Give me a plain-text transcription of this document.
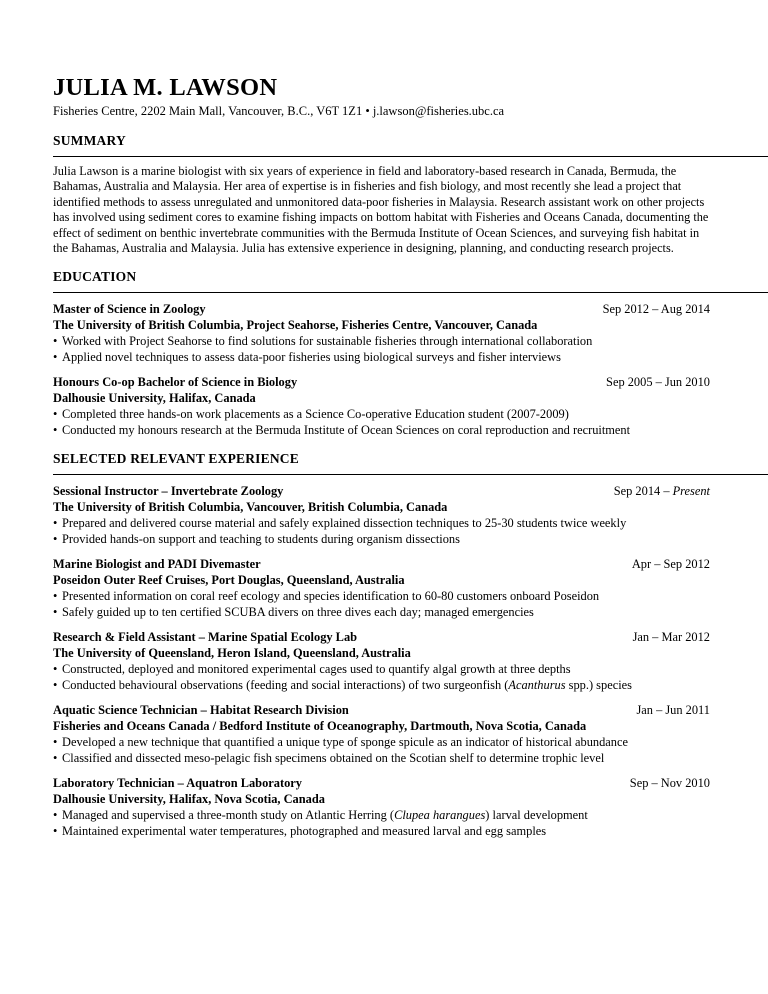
JULIA M. LAWSON
Fisheries Centre, 2202 Main Mall, Vancouver, B.C., V6T 1Z1 • j.lawson@fisheries.ubc.ca
SUMMARY
Julia Lawson is a marine biologist with six years of experience in field and laboratory-based research in Canada, Bermuda, the Bahamas, Australia and Malaysia. Her area of expertise is in fisheries and fish biology, and most recently she lead a project that identified methods to assess unregulated and unmonitored data-poor fisheries in Malaysia. Research assistant work on other projects has involved using sediment cores to examine fishing impacts on bottom habitat with Fisheries and Oceans Canada, documenting the effect of sediment on benthic invertebrate communities with the Bermuda Institute of Ocean Sciences, and surveying fish habitat in the Bahamas, Australia and Malaysia. Julia has extensive experience in designing, planning, and conducting research projects.
EDUCATION
Master of Science in Zoology	Sep 2012 – Aug 2014
The University of British Columbia, Project Seahorse, Fisheries Centre, Vancouver, Canada
• Worked with Project Seahorse to find solutions for sustainable fisheries through international collaboration
• Applied novel techniques to assess data-poor fisheries using biological surveys and fisher interviews
Honours Co-op Bachelor of Science in Biology	Sep 2005 – Jun 2010
Dalhousie University, Halifax, Canada
• Completed three hands-on work placements as a Science Co-operative Education student (2007-2009)
• Conducted my honours research at the Bermuda Institute of Ocean Sciences on coral reproduction and recruitment
SELECTED RELEVANT EXPERIENCE
Sessional Instructor – Invertebrate Zoology	Sep 2014 – Present
The University of British Columbia, Vancouver, British Columbia, Canada
• Prepared and delivered course material and safely explained dissection techniques to 25-30 students twice weekly
• Provided hands-on support and teaching to students during organism dissections
Marine Biologist and PADI Divemaster	Apr – Sep 2012
Poseidon Outer Reef Cruises, Port Douglas, Queensland, Australia
• Presented information on coral reef ecology and species identification to 60-80 customers onboard Poseidon
• Safely guided up to ten certified SCUBA divers on three dives each day; managed emergencies
Research & Field Assistant – Marine Spatial Ecology Lab	Jan – Mar 2012
The University of Queensland, Heron Island, Queensland, Australia
• Constructed, deployed and monitored experimental cages used to quantify algal growth at three depths
• Conducted behavioural observations (feeding and social interactions) of two surgeonfish (Acanthurus spp.) species
Aquatic Science Technician – Habitat Research Division	Jan – Jun 2011
Fisheries and Oceans Canada / Bedford Institute of Oceanography, Dartmouth, Nova Scotia, Canada
• Developed a new technique that quantified a unique type of sponge spicule as an indicator of historical abundance
• Classified and dissected meso-pelagic fish specimens obtained on the Scotian shelf to determine trophic level
Laboratory Technician – Aquatron Laboratory	Sep – Nov 2010
Dalhousie University, Halifax, Nova Scotia, Canada
• Managed and supervised a three-month study on Atlantic Herring (Clupea harangues) larval development
• Maintained experimental water temperatures, photographed and measured larval and egg samples
